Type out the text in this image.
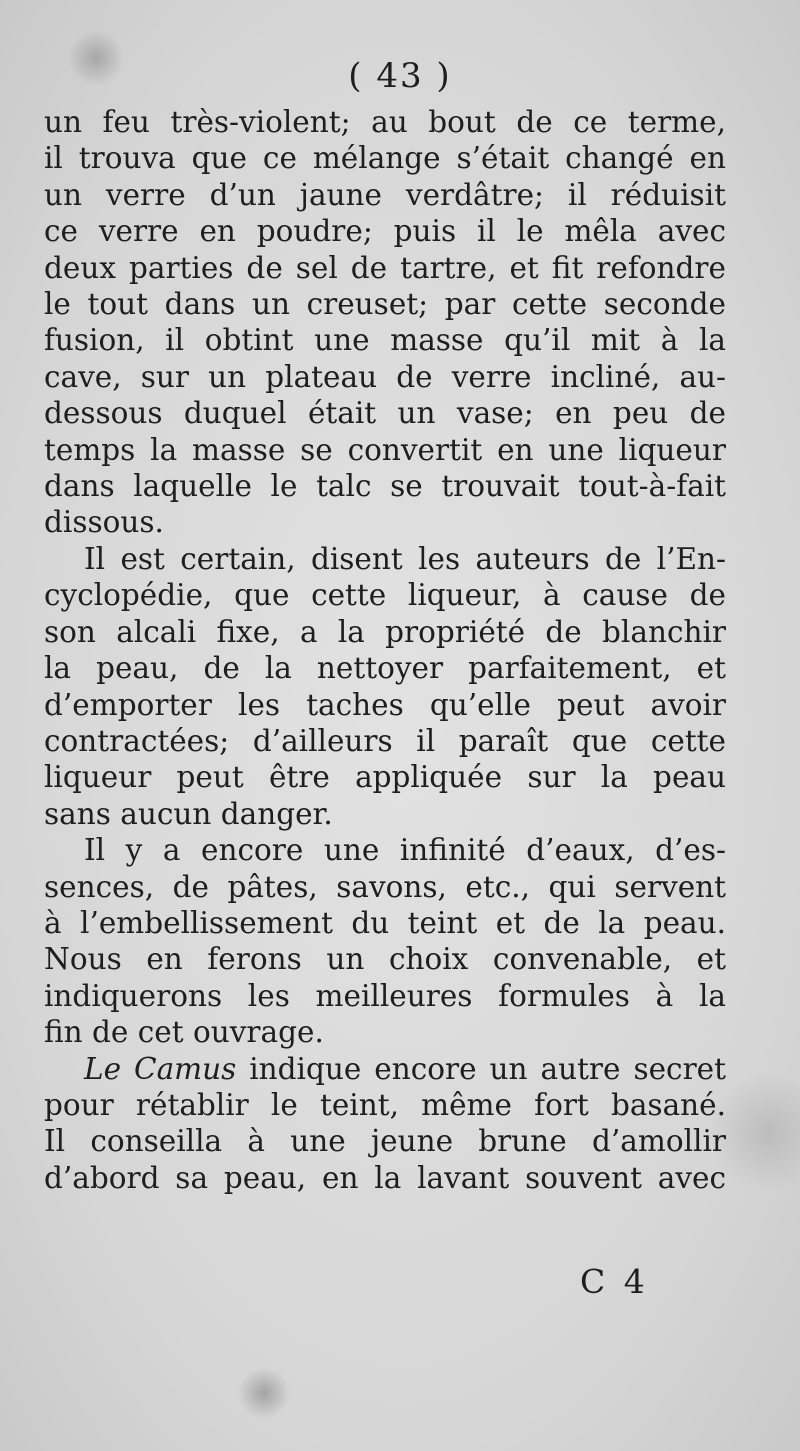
( 43 )
un feu très-violent; au bout de ce terme,
il trouva que ce mélange s’était changé en
un verre d’un jaune verdâtre; il réduisit
ce verre en poudre; puis il le mêla avec
deux parties de sel de tartre, et fit refondre
le tout dans un creuset; par cette seconde
fusion, il obtint une masse qu’il mit à la
cave, sur un plateau de verre incliné, au-
dessous duquel était un vase; en peu de
temps la masse se convertit en une liqueur
dans laquelle le talc se trouvait tout-à-fait
dissous.
Il est certain, disent les auteurs de l’En-
cyclopédie, que cette liqueur, à cause de
son alcali fixe, a la propriété de blanchir
la peau, de la nettoyer parfaitement, et
d’emporter les taches qu’elle peut avoir
contractées; d’ailleurs il paraît que cette
liqueur peut être appliquée sur la peau
sans aucun danger.
Il y a encore une infinité d’eaux, d’es-
sences, de pâtes, savons, etc., qui servent
à l’embellissement du teint et de la peau.
Nous en ferons un choix convenable, et
indiquerons les meilleures formules à la
fin de cet ouvrage.
Le Camus indique encore un autre secret
pour rétablir le teint, même fort basané.
Il conseilla à une jeune brune d’amollir
d’abord sa peau, en la lavant souvent avec
C 4
